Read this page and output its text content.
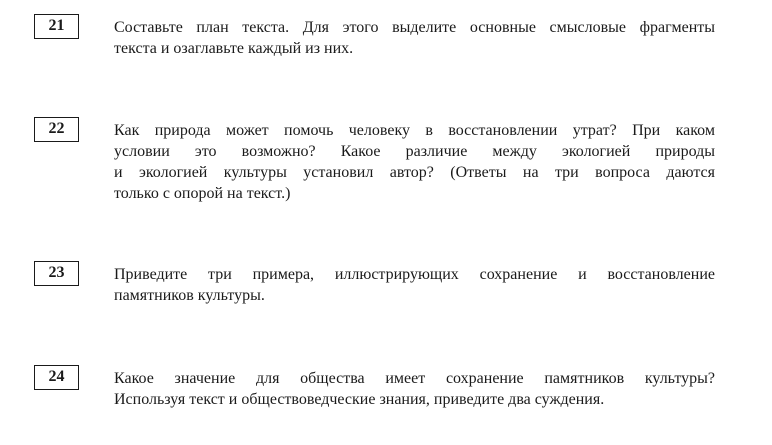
21	Составьте план текста. Для этого выделите основные смысловые фрагменты
текста и озаглавьте каждый из них.
22	Как природа может помочь человеку в восстановлении утрат? При каком
условии это возможно? Какое различие между экологией природы
и экологией культуры установил автор? (Ответы на три вопроса даются
только с опорой на текст.)
23	Приведите три примера, иллюстрирующих сохранение и восстановление
памятников культуры.
24	Какое значение для общества имеет сохранение памятников культуры?
Используя текст и обществоведческие знания, приведите два суждения.
